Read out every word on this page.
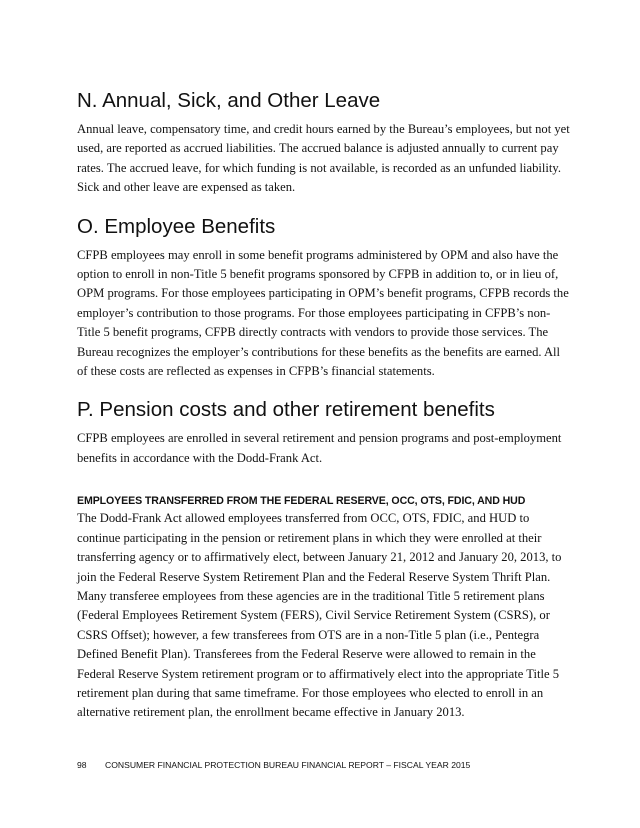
N. Annual, Sick, and Other Leave

Annual leave, compensatory time, and credit hours earned by the Bureau’s employees, but not yet used, are reported as accrued liabilities. The accrued balance is adjusted annually to current pay rates. The accrued leave, for which funding is not available, is recorded as an unfunded liability. Sick and other leave are expensed as taken.

O. Employee Benefits

CFPB employees may enroll in some benefit programs administered by OPM and also have the option to enroll in non-Title 5 benefit programs sponsored by CFPB in addition to, or in lieu of, OPM programs. For those employees participating in OPM’s benefit programs, CFPB records the employer’s contribution to those programs. For those employees participating in CFPB’s non-Title 5 benefit programs, CFPB directly contracts with vendors to provide those services. The Bureau recognizes the employer’s contributions for these benefits as the benefits are earned. All of these costs are reflected as expenses in CFPB’s financial statements.

P. Pension costs and other retirement benefits

CFPB employees are enrolled in several retirement and pension programs and post-employment benefits in accordance with the Dodd-Frank Act.

EMPLOYEES TRANSFERRED FROM THE FEDERAL RESERVE, OCC, OTS, FDIC, AND HUD

The Dodd-Frank Act allowed employees transferred from OCC, OTS, FDIC, and HUD to continue participating in the pension or retirement plans in which they were enrolled at their transferring agency or to affirmatively elect, between January 21, 2012 and January 20, 2013, to join the Federal Reserve System Retirement Plan and the Federal Reserve System Thrift Plan. Many transferee employees from these agencies are in the traditional Title 5 retirement plans (Federal Employees Retirement System (FERS), Civil Service Retirement System (CSRS), or CSRS Offset); however, a few transferees from OTS are in a non-Title 5 plan (i.e., Pentegra Defined Benefit Plan). Transferees from the Federal Reserve were allowed to remain in the Federal Reserve System retirement program or to affirmatively elect into the appropriate Title 5 retirement plan during that same timeframe. For those employees who elected to enroll in an alternative retirement plan, the enrollment became effective in January 2013.

98 CONSUMER FINANCIAL PROTECTION BUREAU FINANCIAL REPORT – FISCAL YEAR 2015
